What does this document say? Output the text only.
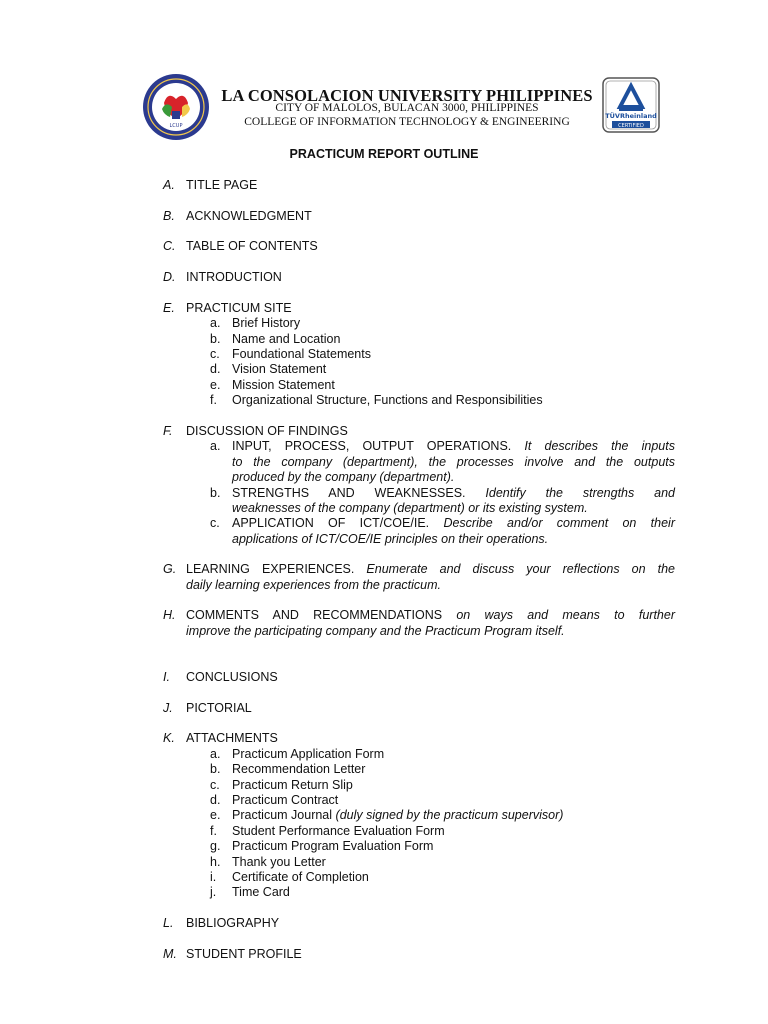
LCUP
LA CONSOLACION UNIVERSITY PHILIPPINES
CITY OF MALOLOS, BULACAN 3000, PHILIPPINES
COLLEGE OF INFORMATION TECHNOLOGY & ENGINEERING	TÜVRheinland
CERTIFIED
PRACTICUM REPORT OUTLINE
A. TITLE PAGE
B. ACKNOWLEDGMENT
C. TABLE OF CONTENTS
D. INTRODUCTION
E. PRACTICUM SITE
a. Brief History
b. Name and Location
c. Foundational Statements
d. Vision Statement
e. Mission Statement
f. Organizational Structure, Functions and Responsibilities
F. DISCUSSION OF FINDINGS
a. INPUT, PROCESS, OUTPUT OPERATIONS. It describes the inputs
to the company (department), the processes involve and the outputs
produced by the company (department).
b. STRENGTHS AND WEAKNESSES. Identify the strengths and
weaknesses of the company (department) or its existing system.
c. APPLICATION OF ICT/COE/IE. Describe and/or comment on their
applications of ICT/COE/IE principles on their operations.
G. LEARNING EXPERIENCES. Enumerate and discuss your reflections on the
daily learning experiences from the practicum.
H. COMMENTS AND RECOMMENDATIONS on ways and means to further
improve the participating company and the Practicum Program itself.
I. CONCLUSIONS
J. PICTORIAL
K. ATTACHMENTS
a. Practicum Application Form
b. Recommendation Letter
c. Practicum Return Slip
d. Practicum Contract
e. Practicum Journal (duly signed by the practicum supervisor)
f. Student Performance Evaluation Form
g. Practicum Program Evaluation Form
h. Thank you Letter
i. Certificate of Completion
j. Time Card
L. BIBLIOGRAPHY
M. STUDENT PROFILE
